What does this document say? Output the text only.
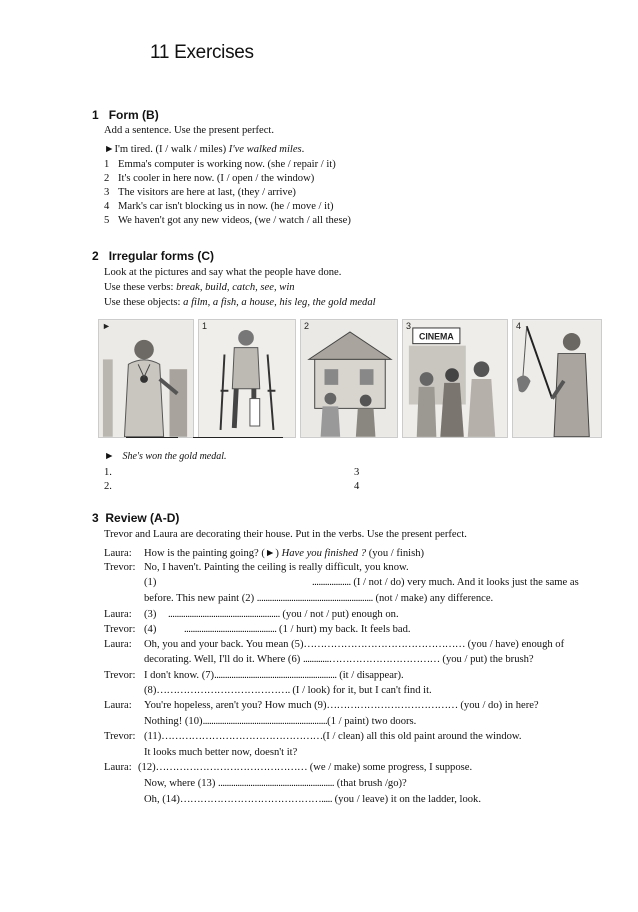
11 Exercises
1 Form (B)
Add a sentence. Use the present perfect.
►I'm tired. (I / walk / miles) I've walked miles.
1 Emma's computer is working now. (she / repair / it)
2 It's cooler in here now. (I / open / the window)
3 The visitors are here at last, (they / arrive)
4 Mark's car isn't blocking us in now. (he / move / it)
5 We haven't got any new videos, (we / watch / all these)
2 Irregular forms (C)
Look at the pictures and say what the people have done.
Use these verbs: break, build, catch, see, win
Use these objects: a film, a fish, a house, his leg, the gold medal
►	1	2	3
CINEMA
4
► She's won the gold medal.
1.
2.
3
4
3 Review (A-D)
Trevor and Laura are decorating their house. Put in the verbs. Use the present perfect.
Laura: How is the painting going? (►) Have you finished ? (you / finish)
Trevor: No, I haven't. Painting the ceiling is really difficult, you know.
(1)	.................. (I / not / do) very much. And it looks just the same as
before. This new paint (2) ...................................................... (not / make) any difference.
Laura: (3) .................................................... (you / not / put) enough on.
Trevor: (4)	........................................... (1 / hurt) my back. It feels bad.
Laura: Oh, you and your back. You mean (5)………………………………………… (you / have) enough of
decorating. Well, I'll do it. Where (6) ............…………………………… (you / put) the brush?
Trevor: I don't know. (7)......................................................... (it / disappear).
(8)…………………………………. (I / look) for it, but I can't find it.
Laura: You're hopeless, aren't you? How much (9)………………………………… (you / do) in here?
Nothing! (10)..........................................................(1 / paint) two doors.
Trevor: (11)…………………………………………(I / clean) all this old paint around the window.
It looks much better now, doesn't it?
Laura: (12)……………………………………… (we / make) some progress, I suppose.
Now, where (13) ...................................................... (that brush /go)?
Oh, (14)……………………………………..... (you / leave) it on the ladder, look.
